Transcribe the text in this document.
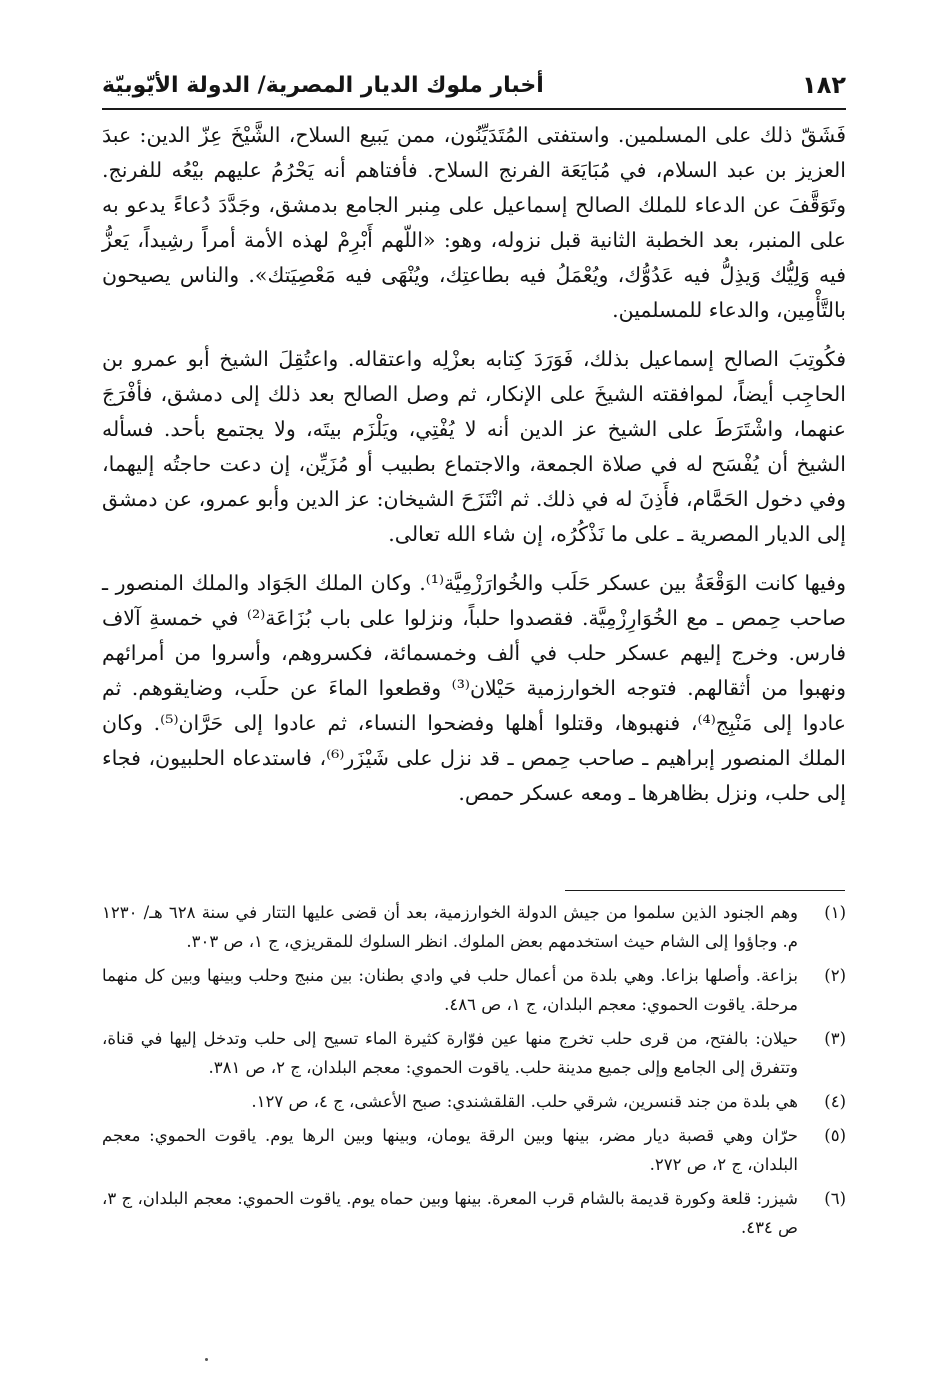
١٨٢
أخبار ملوك الديار المصرية/ الدولة الأيّوبيّة

فَشَقّ ذلك على المسلمين. واستفتى المُتَدَيِّنُون، ممن يَبيع السلاح، الشَّيْخَ عِزّ الدين: عبدَ العزيز بن عبد السلام، في مُبَايَعَة الفرنج السلاح. فأفتاهم أنه يَحْرُمُ عليهم بيْعُه للفرنج. وتَوَقَّفَ عن الدعاء للملك الصالح إسماعيل على مِنبر الجامع بدمشق، وجَدَّدَ دُعاءً يدعو به على المنبر، بعد الخطبة الثانية قبل نزوله، وهو: «اللّهم أَبْرِمْ لهذه الأمة أمراً رشِيداً، يَعزُّ فيه وَلِيُّك وَيذِلُّ فيه عَدُوُّك، ويُعْمَلُ فيه بطاعتِك، ويُنْهَى فيه مَعْصِيَتك». والناس يصيحون بالتَّأْمِين، والدعاء للمسلمين.

فكُوتِبَ الصالح إسماعيل بذلك، فَوَرَدَ كِتابه بعزْلِه واعتقاله. واعتُقِلَ الشيخ أبو عمرو بن الحاجِب أيضاً، لموافقته الشيخَ على الإنكار، ثم وصل الصالح بعد ذلك إلى دمشق، فأفْرَجَ عنهما، واشْتَرَطَ على الشيخ عز الدين أنه لا يُفْتِي، ويَلْزَم بيتَه، ولا يجتمع بأحد. فسأله الشيخ أن يُفْسَح له في صلاة الجمعة، والاجتماع بطبيب أو مُزَيِّن، إن دعت حاجتُه إليهما، وفي دخول الحَمَّام، فأَذِنَ له في ذلك. ثم انْتَزَحَ الشيخان: عز الدين وأبو عمرو، عن دمشق إلى الديار المصرية ـ على ما نَذْكُرُه، إن شاء الله تعالى.

وفيها كانت الوَقْعَةُ بين عسكر حَلَب والخُوارَزْمِيَّة⁽¹⁾. وكان الملك الجَوَاد والملك المنصور ـ صاحب حِمص ـ مع الخُوَارِزْمِيَّة. فقصدوا حلباً، ونزلوا على باب بُزَاعَة⁽²⁾ في خمسةِ آلاف فارس. وخرج إليهم عسكر حلب في ألف وخمسمائة، فكسروهم، وأسروا من أمرائهم ونهبوا من أثقالهم. فتوجه الخوارزمية حَيْلان⁽³⁾ وقطعوا الماءَ عن حلَب، وضايقوهم. ثم عادوا إلى مَنْبِج⁽⁴⁾، فنهبوها، وقتلوا أهلها وفضحوا النساء، ثم عادوا إلى حَرَّان⁽⁵⁾. وكان الملك المنصور إبراهيم ـ صاحب حِمص ـ قد نزل على شَيْزَر⁽⁶⁾، فاستدعاه الحلبيون، فجاء إلى حلب، ونزل بظاهرها ـ ومعه عسكر حمص.

(١)
وهم الجنود الذين سلموا من جيش الدولة الخوارزمية، بعد أن قضى عليها التتار في سنة ٦٢٨ هـ/ ١٢٣٠ م. وجاؤوا إلى الشام حيث استخدمهم بعض الملوك. انظر السلوك للمقريزي، ج ١، ص ٣٠٣.
(٢)
بزاعة. وأصلها بزاعا. وهي بلدة من أعمال حلب في وادي بطنان: بين منبج وحلب وبينها وبين كل منهما مرحلة. ياقوت الحموي: معجم البلدان، ج ١، ص ٤٨٦.
(٣)
حيلان: بالفتح، من قرى حلب تخرج منها عين فوّارة كثيرة الماء تسيح إلى حلب وتدخل إليها في قناة، وتتفرق إلى الجامع وإلى جميع مدينة حلب. ياقوت الحموي: معجم البلدان، ج ٢، ص ٣٨١.
(٤)
هي بلدة من جند قنسرين، شرقي حلب. القلقشندي: صبح الأعشى، ج ٤، ص ١٢٧.
(٥)
حرّان وهي قصبة ديار مضر، بينها وبين الرقة يومان، وبينها وبين الرها يوم. ياقوت الحموي: معجم البلدان، ج ٢، ص ٢٧٢.
(٦)
شيزر: قلعة وكورة قديمة بالشام قرب المعرة. بينها وبين حماه يوم. ياقوت الحموي: معجم البلدان، ج ٣، ص ٤٣٤.
